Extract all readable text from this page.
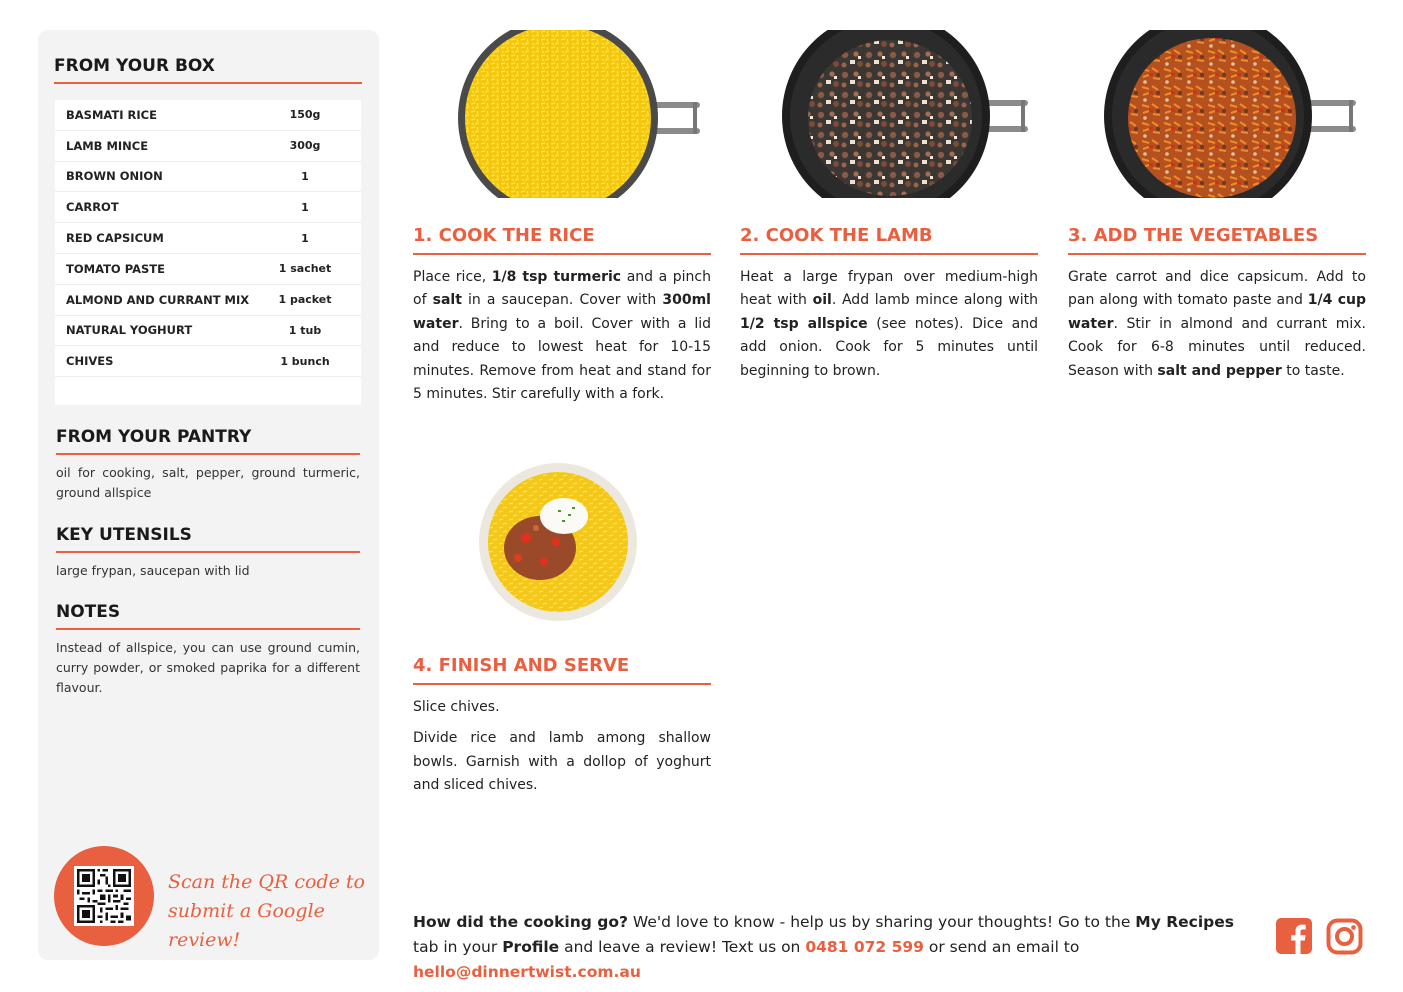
FROM YOUR BOX
BASMATI RICE	150g
LAMB MINCE	300g
BROWN ONION	1
CARROT	1
RED CAPSICUM	1
TOMATO PASTE	1 sachet
ALMOND AND CURRANT MIX	1 packet
NATURAL YOGHURT	1 tub
CHIVES	1 bunch
FROM YOUR PANTRY
oil for cooking, salt, pepper, ground turmeric, ground allspice
KEY UTENSILS
large frypan, saucepan with lid
NOTES
Instead of allspice, you can use ground cumin, curry powder, or smoked paprika for a different flavour.
Scan the QR code to
submit a Google review!
1. COOK THE RICE
Place rice, 1/8 tsp turmeric and a pinch of salt in a saucepan. Cover with 300ml water. Bring to a boil. Cover with a lid and reduce to lowest heat for 10-15 minutes. Remove from heat and stand for 5 minutes. Stir carefully with a fork.
2. COOK THE LAMB
Heat a large frypan over medium-high heat with oil. Add lamb mince along with 1/2 tsp allspice (see notes). Dice and add onion. Cook for 5 minutes until beginning to brown.
3. ADD THE VEGETABLES
Grate carrot and dice capsicum. Add to pan along with tomato paste and 1/4 cup water. Stir in almond and currant mix. Cook for 6-8 minutes until reduced. Season with salt and pepper to taste.
4. FINISH AND SERVE

Slice chives.

Divide rice and lamb among shallow bowls. Garnish with a dollop of yoghurt and sliced chives.

How did the cooking go? We'd love to know - help us by sharing your thoughts! Go to the My Recipes tab in your Profile and leave a review! Text us on 0481 072 599 or send an email to hello@dinnertwist.com.au
